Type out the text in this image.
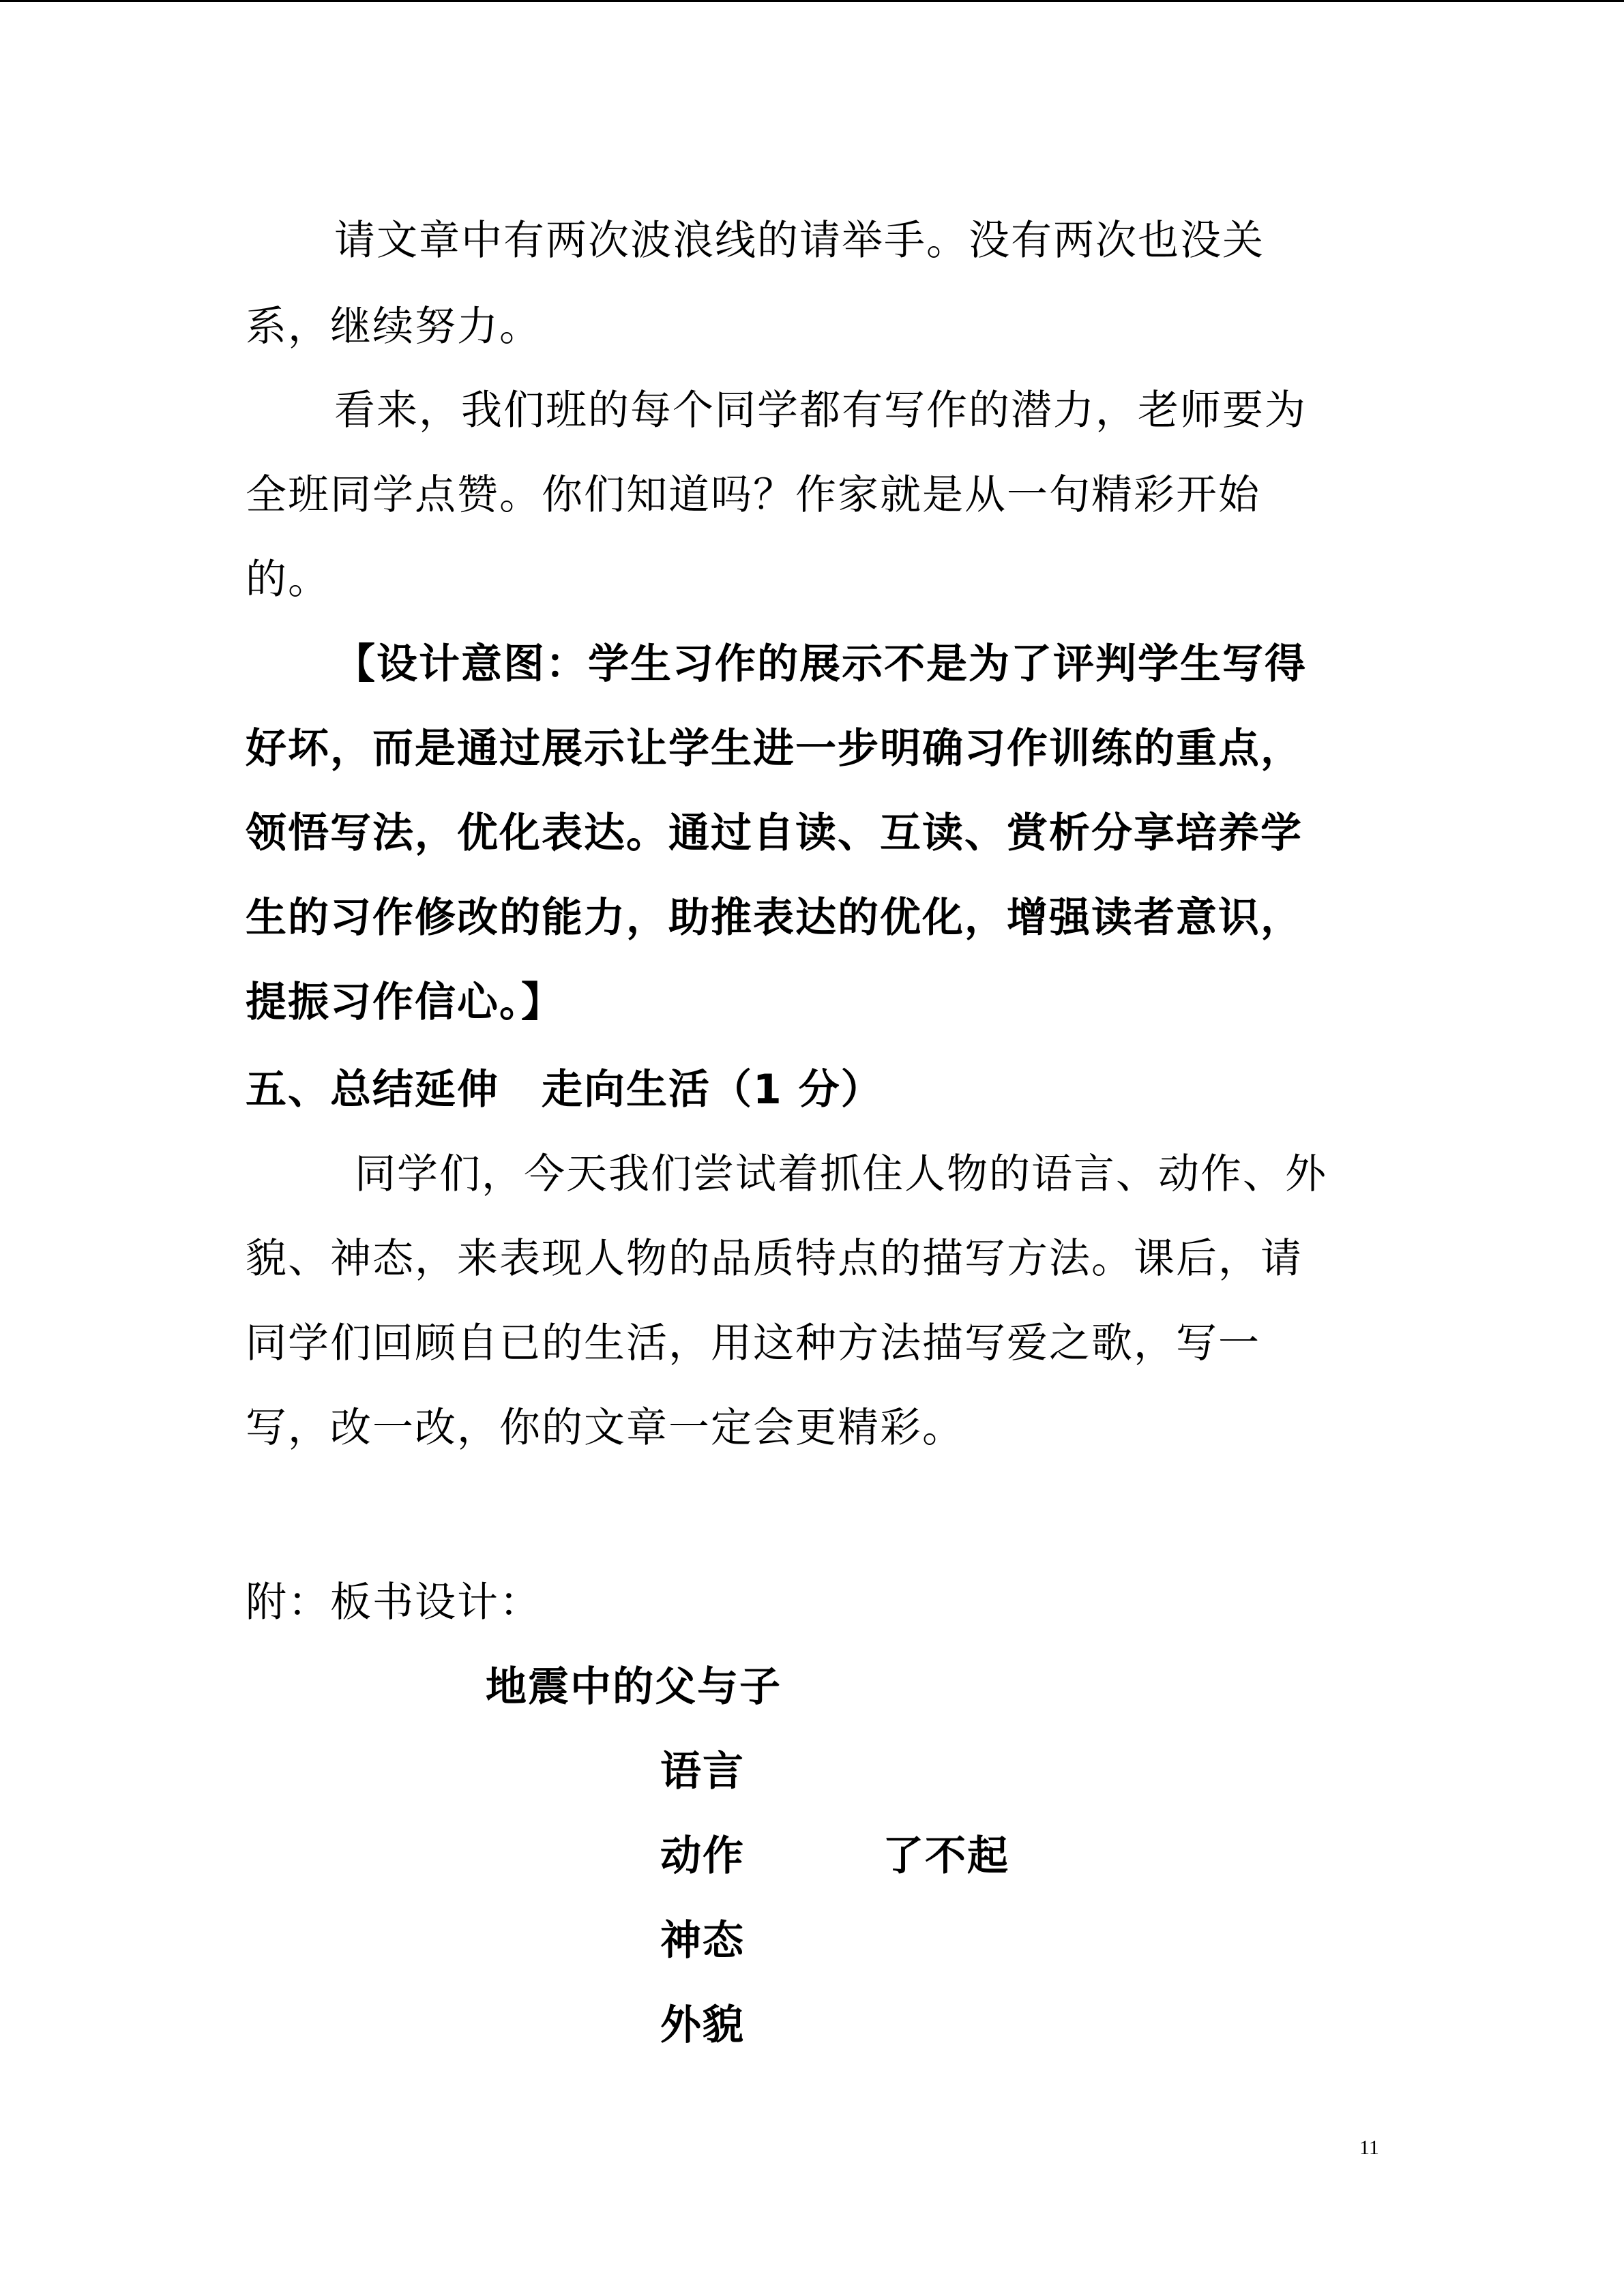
请文章中有两次波浪线的请举手。没有两次也没关
系，继续努力。
看来，我们班的每个同学都有写作的潜力，老师要为
全班同学点赞。你们知道吗？作家就是从一句精彩开始
的。
【设计意图：学生习作的展示不是为了评判学生写得
好坏，而是通过展示让学生进一步明确习作训练的重点，
领悟写法，优化表达。通过自读、互读、赏析分享培养学
生的习作修改的能力，助推表达的优化，增强读者意识，
提振习作信心。】
五、总结延伸　走向生活（1 分）
同学们，今天我们尝试着抓住人物的语言、动作、外
貌、神态，来表现人物的品质特点的描写方法。课后，请
同学们回顾自已的生活，用这种方法描写爱之歌，写一
写，改一改，你的文章一定会更精彩。
附：板书设计：
地震中的父与子
语言
动作	了不起
神态
外貌
11
